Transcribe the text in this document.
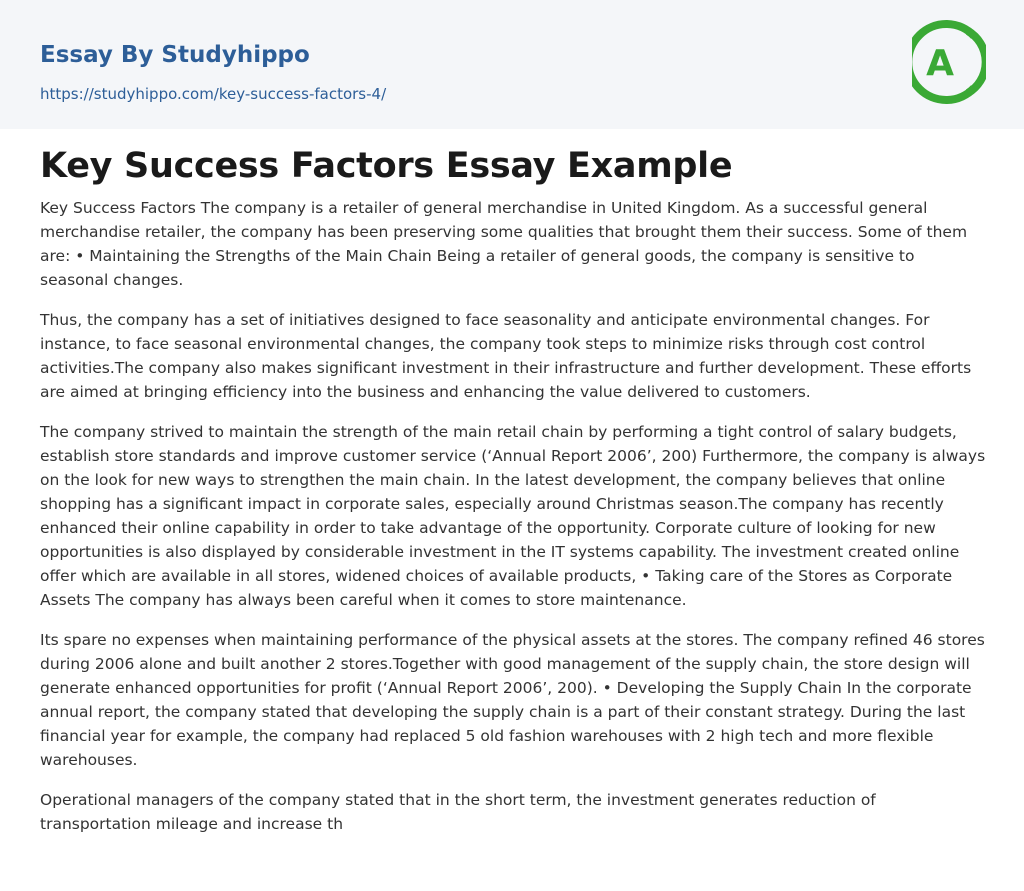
Essay By Studyhippo
https://studyhippo.com/key-success-factors-4/
A
Key Success Factors Essay Example

Key Success Factors The company is a retailer of general merchandise in United Kingdom. As a successful general merchandise retailer, the company has been preserving some qualities that brought them their success. Some of them are: • Maintaining the Strengths of the Main Chain Being a retailer of general goods, the company is sensitive to seasonal changes.

Thus, the company has a set of initiatives designed to face seasonality and anticipate environmental changes. For instance, to face seasonal environmental changes, the company took steps to minimize risks through cost control activities.The company also makes significant investment in their infrastructure and further development. These efforts are aimed at bringing efficiency into the business and enhancing the value delivered to customers.

The company strived to maintain the strength of the main retail chain by performing a tight control of salary budgets, establish store standards and improve customer service (‘Annual Report 2006’, 200) Furthermore, the company is always on the look for new ways to strengthen the main chain. In the latest development, the company believes that online shopping has a significant impact in corporate sales, especially around Christmas season.The company has recently enhanced their online capability in order to take advantage of the opportunity. Corporate culture of looking for new opportunities is also displayed by considerable investment in the IT systems capability. The investment created online offer which are available in all stores, widened choices of available products, • Taking care of the Stores as Corporate Assets The company has always been careful when it comes to store maintenance.

Its spare no expenses when maintaining performance of the physical assets at the stores. The company refined 46 stores during 2006 alone and built another 2 stores.Together with good management of the supply chain, the store design will generate enhanced opportunities for profit (‘Annual Report 2006’, 200). • Developing the Supply Chain In the corporate annual report, the company stated that developing the supply chain is a part of their constant strategy. During the last financial year for example, the company had replaced 5 old fashion warehouses with 2 high tech and more flexible warehouses.

Operational managers of the company stated that in the short term, the investment generates reduction of transportation mileage and increase th
